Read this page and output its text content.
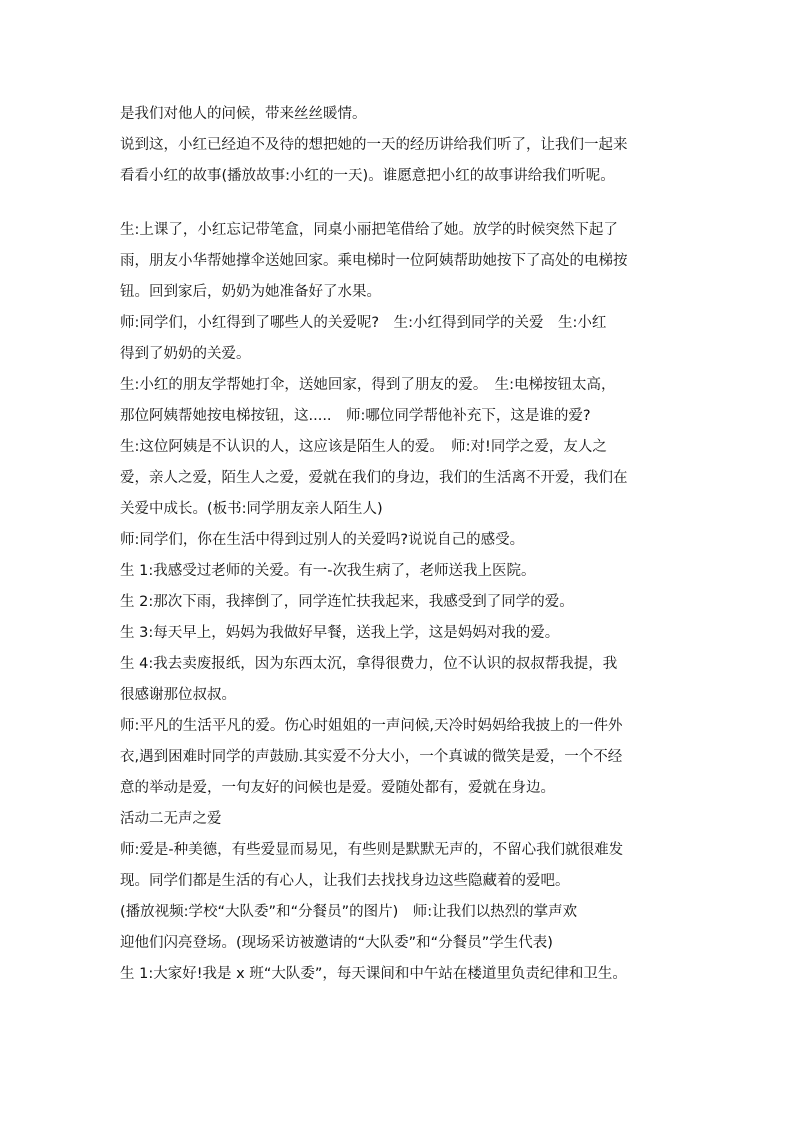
是我们对他人的问候，带来丝丝暖情。
说到这，小红已经迫不及待的想把她的一天的经历讲给我们听了，让我们一起来
看看小红的故事(播放故事:小红的一天)。谁愿意把小红的故事讲给我们听呢。
生:上课了，小红忘记带笔盒，同桌小丽把笔借给了她。放学的时候突然下起了
雨，朋友小华帮她撑伞送她回家。乘电梯时一位阿姨帮助她按下了高处的电梯按
钮。回到家后，奶奶为她准备好了水果。
师:同学们，小红得到了哪些人的关爱呢?　生:小红得到同学的关爱　生:小红
得到了奶奶的关爱。
生:小红的朋友学帮她打伞，送她回家，得到了朋友的爱。　生:电梯按钮太高，
那位阿姨帮她按电梯按钮，这.....　师:哪位同学帮他补充下，这是谁的爱?
生:这位阿姨是不认识的人，这应该是陌生人的爱。　师:对!同学之爱，友人之
爱，亲人之爱，陌生人之爱，爱就在我们的身边，我们的生活离不开爱，我们在
关爱中成长。(板书:同学朋友亲人陌生人)
师:同学们，你在生活中得到过别人的关爱吗?说说自己的感受。
生 1:我感受过老师的关爱。有一-次我生病了，老师送我上医院。
生 2:那次下雨，我摔倒了，同学连忙扶我起来，我感受到了同学的爱。
生 3:每天早上，妈妈为我做好早餐，送我上学，这是妈妈对我的爱。
生 4:我去卖废报纸，因为东西太沉，拿得很费力，位不认识的叔叔帮我提，我
很感谢那位叔叔。
师:平凡的生活平凡的爱。伤心时姐姐的一声问候,天冷时妈妈给我披上的一件外
衣,遇到困难时同学的声鼓励.其实爱不分大小，一个真诚的微笑是爱，一个不经
意的举动是爱，一句友好的问候也是爱。爱随处都有，爱就在身边。
活动二无声之爱
师:爱是-种美德，有些爱显而易见，有些则是默默无声的，不留心我们就很难发
现。同学们都是生活的有心人，让我们去找找身边这些隐藏着的爱吧。
(播放视频:学校“大队委”和“分餐员”的图片)　师:让我们以热烈的掌声欢
迎他们闪亮登场。(现场采访被邀请的“大队委”和“分餐员”学生代表)
生 1:大家好!我是 x 班“大队委”，每天课间和中午站在楼道里负责纪律和卫生。
